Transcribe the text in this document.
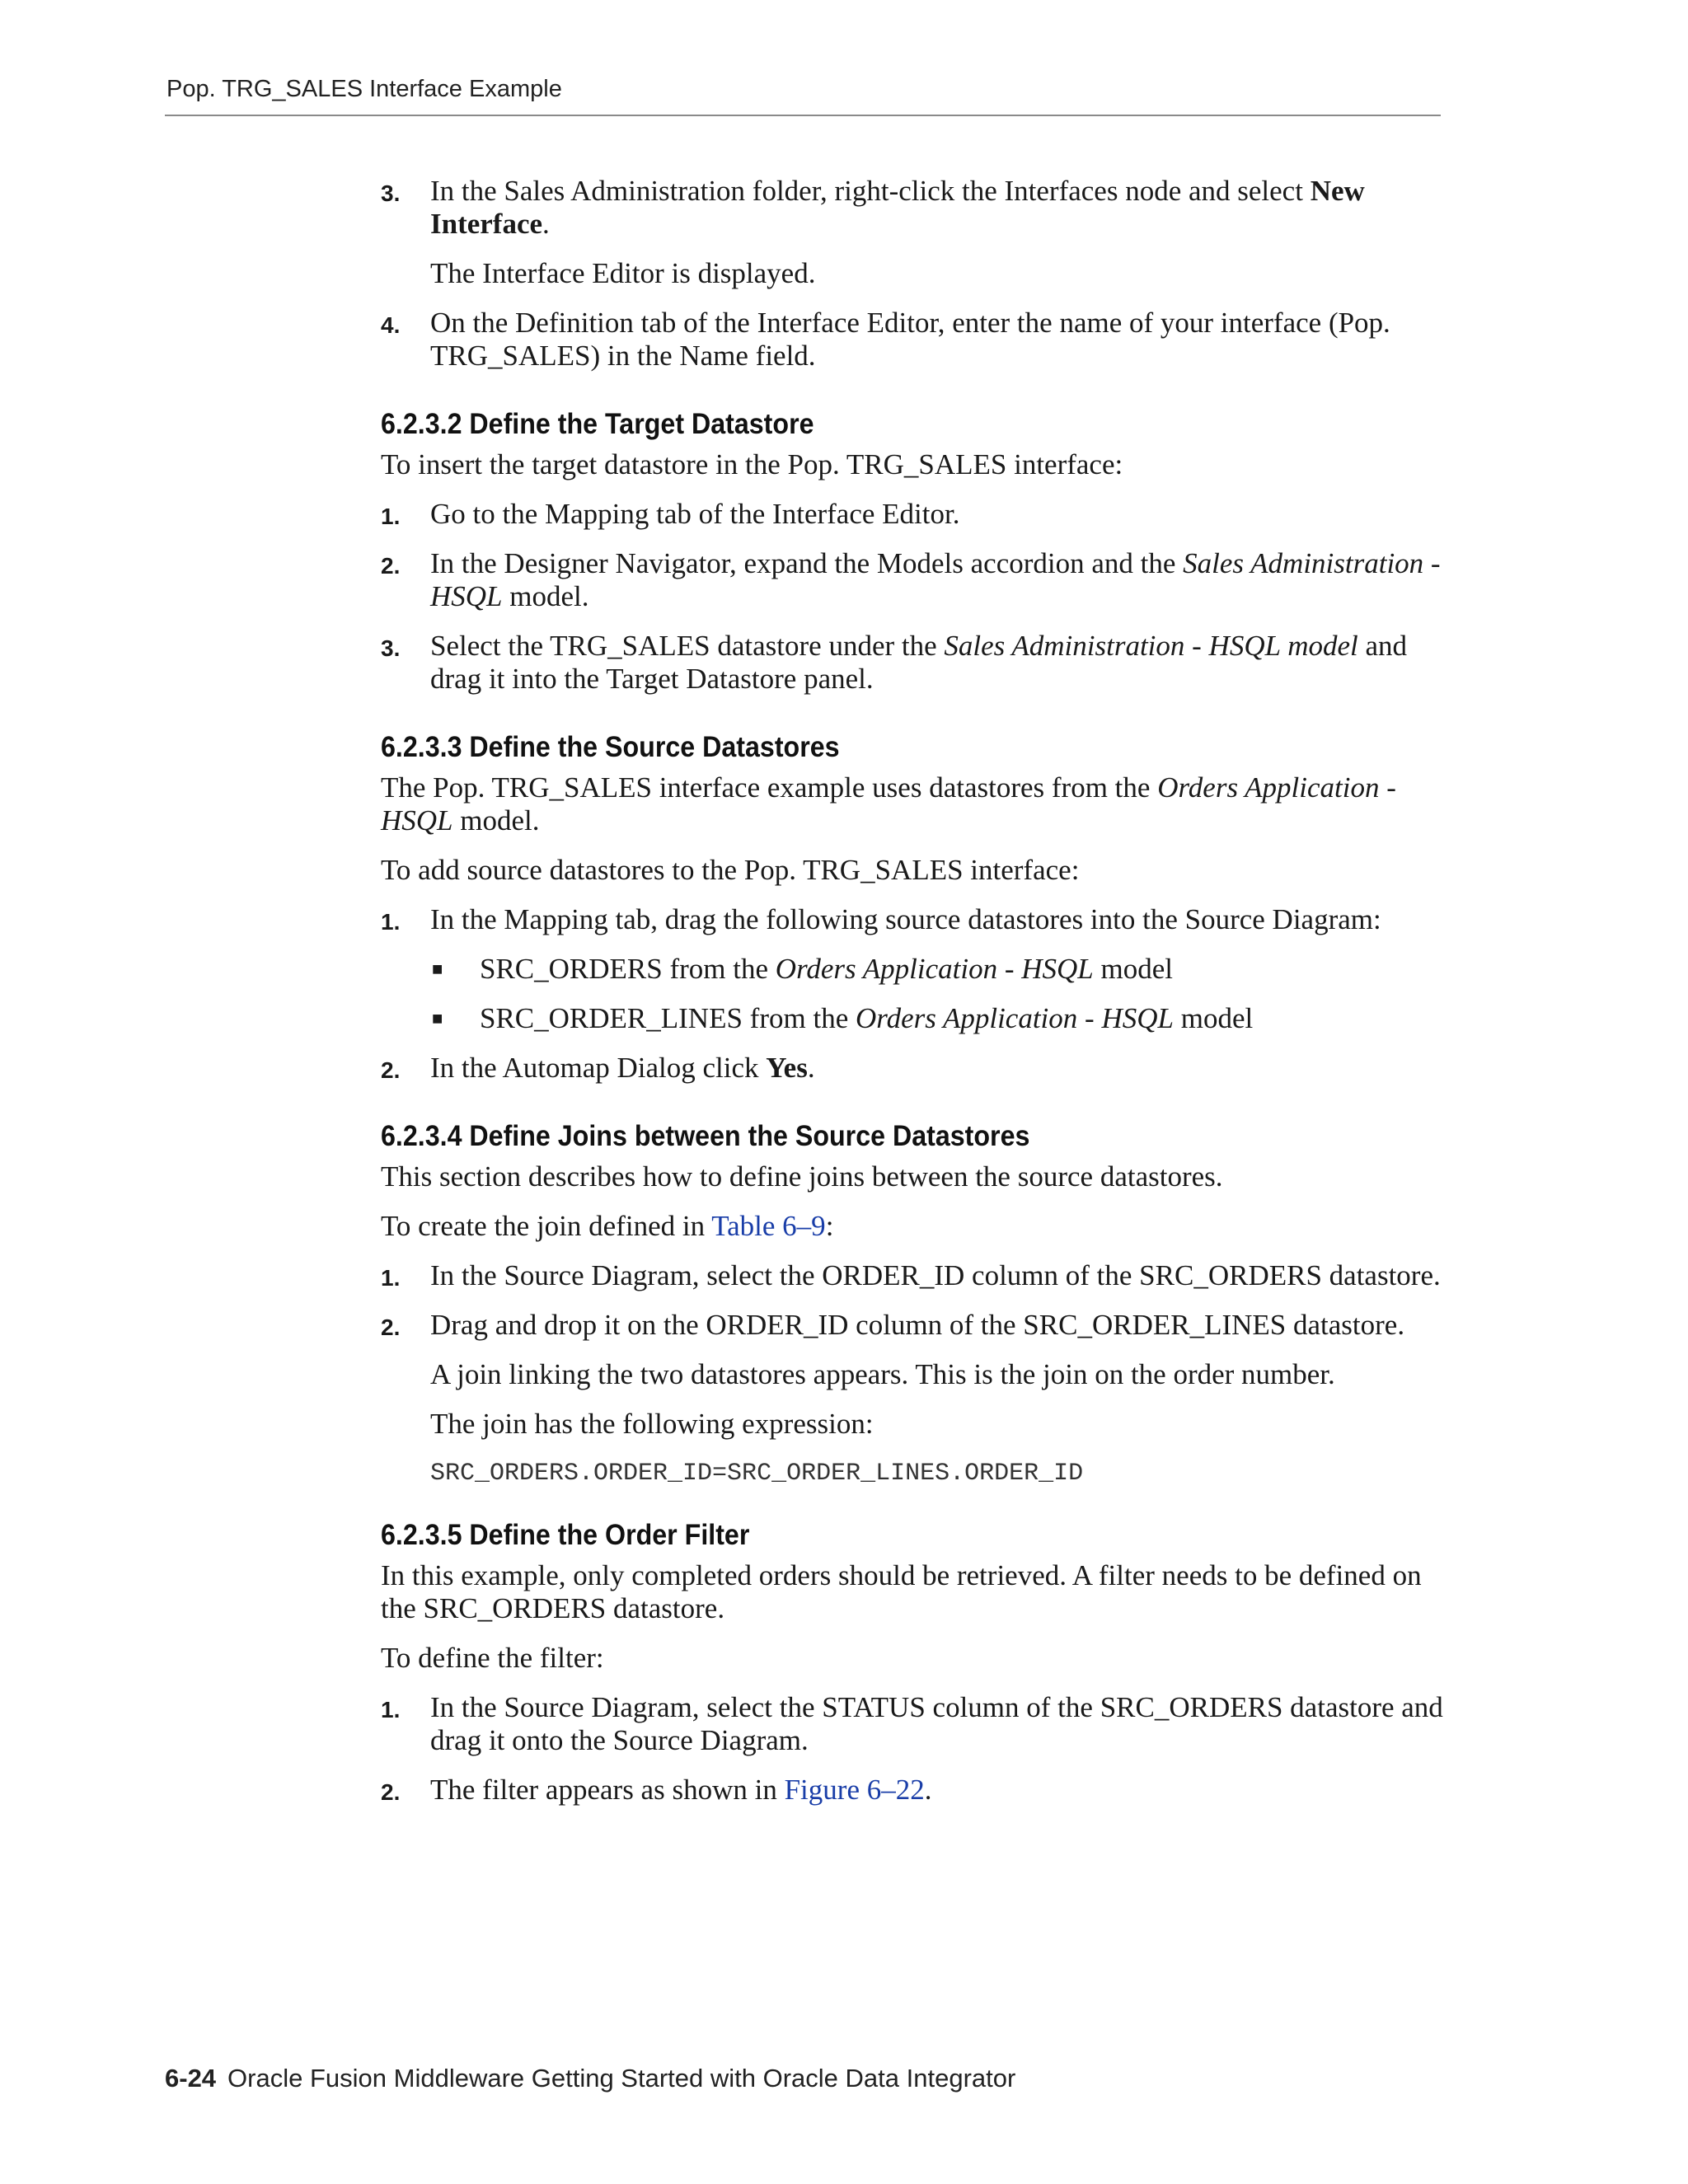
Pop. TRG_SALES Interface Example
3.	In the Sales Administration folder, right-click the Interfaces node and select New Interface.
The Interface Editor is displayed.
4.	On the Definition tab of the Interface Editor, enter the name of your interface (Pop. TRG_SALES) in the Name field.
6.2.3.2 Define the Target Datastore
To insert the target datastore in the Pop. TRG_SALES interface:
1.	Go to the Mapping tab of the Interface Editor.
2.	In the Designer Navigator, expand the Models accordion and the Sales Administration - HSQL model.
3.	Select the TRG_SALES datastore under the Sales Administration - HSQL model and drag it into the Target Datastore panel.
6.2.3.3 Define the Source Datastores
The Pop. TRG_SALES interface example uses datastores from the Orders Application - HSQL model.
To add source datastores to the Pop. TRG_SALES interface:
1.	In the Mapping tab, drag the following source datastores into the Source Diagram:
■ SRC_ORDERS from the Orders Application - HSQL model
■ SRC_ORDER_LINES from the Orders Application - HSQL model
2.	In the Automap Dialog click Yes.
6.2.3.4 Define Joins between the Source Datastores
This section describes how to define joins between the source datastores.
To create the join defined in Table 6–9:
1.	In the Source Diagram, select the ORDER_ID column of the SRC_ORDERS datastore.
2.	Drag and drop it on the ORDER_ID column of the SRC_ORDER_LINES datastore.
A join linking the two datastores appears. This is the join on the order number.
The join has the following expression:
SRC_ORDERS.ORDER_ID=SRC_ORDER_LINES.ORDER_ID
6.2.3.5 Define the Order Filter
In this example, only completed orders should be retrieved. A filter needs to be defined on the SRC_ORDERS datastore.
To define the filter:
1.	In the Source Diagram, select the STATUS column of the SRC_ORDERS datastore and drag it onto the Source Diagram.
2.	The filter appears as shown in Figure 6–22.
6-24 Oracle Fusion Middleware Getting Started with Oracle Data Integrator
